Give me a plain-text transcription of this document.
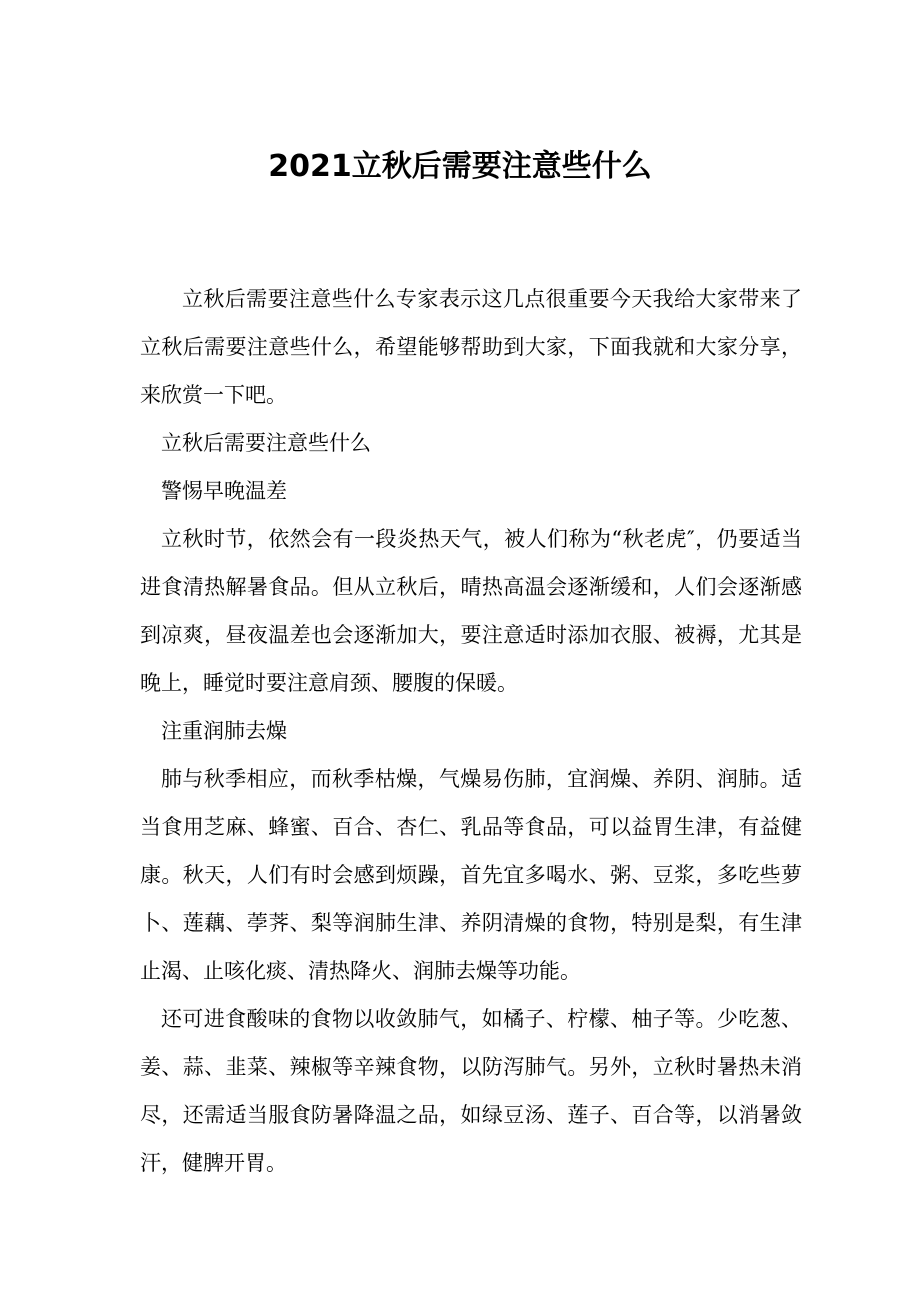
2021立秋后需要注意些什么

立秋后需要注意些什么专家表示这几点很重要今天我给大家带来了立秋后需要注意些什么，希望能够帮助到大家，下面我就和大家分享，来欣赏一下吧。

立秋后需要注意些什么

警惕早晚温差

立秋时节，依然会有一段炎热天气，被人们称为“秋老虎″，仍要适当进食清热解暑食品。但从立秋后，晴热高温会逐渐缓和，人们会逐渐感到凉爽，昼夜温差也会逐渐加大，要注意适时添加衣服、被褥，尤其是晚上，睡觉时要注意肩颈、腰腹的保暖。

注重润肺去燥

肺与秋季相应，而秋季枯燥，气燥易伤肺，宜润燥、养阴、润肺。适当食用芝麻、蜂蜜、百合、杏仁、乳品等食品，可以益胃生津，有益健康。秋天，人们有时会感到烦躁，首先宜多喝水、粥、豆浆，多吃些萝卜、莲藕、荸荠、梨等润肺生津、养阴清燥的食物，特别是梨，有生津止渴、止咳化痰、清热降火、润肺去燥等功能。

还可进食酸味的食物以收敛肺气，如橘子、柠檬、柚子等。少吃葱、姜、蒜、韭菜、辣椒等辛辣食物，以防泻肺气。另外，立秋时暑热未消尽，还需适当服食防暑降温之品，如绿豆汤、莲子、百合等，以消暑敛汗，健脾开胃。
